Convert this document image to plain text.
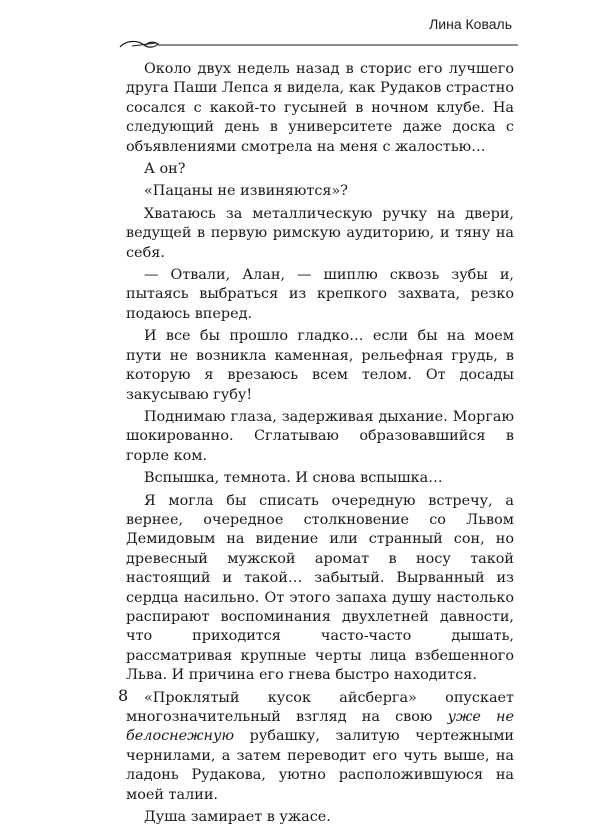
Лина Коваль

Около двух недель назад в сторис его лучшего друга Паши Лепса я видела, как Рудаков страстно сосался с какой-то гусыней в ночном клубе. На следующий день в университете даже доска с объявлениями смотрела на меня с жалостью…

А он?

«Пацаны не извиняются»?

Хватаюсь за металлическую ручку на двери, ведущей в первую римскую аудиторию, и тяну на себя.

— Отвали, Алан, — шиплю сквозь зубы и, пытаясь выбраться из крепкого захвата, резко подаюсь вперед.

И все бы прошло гладко… если бы на моем пути не возникла каменная, рельефная грудь, в которую я врезаюсь всем телом. От досады закусываю губу!

Поднимаю глаза, задерживая дыхание. Моргаю шокированно. Сглатываю образовавшийся в горле ком.

Вспышка, темнота. И снова вспышка…

Я могла бы списать очередную встречу, а вернее, очередное столкновение со Львом Демидовым на видение или странный сон, но древесный мужской аромат в носу такой настоящий и такой… забытый. Вырванный из сердца насильно. От этого запаха душу настолько распирают воспоминания двухлетней давности, что приходится часто-часто дышать, рассматривая крупные черты лица взбешенного Льва. И причина его гнева быстро находится.

«Проклятый кусок айсберга» опускает многозначительный взгляд на свою уже не белоснежную рубашку, залитую чертежными чернилами, а затем переводит его чуть выше, на ладонь Рудакова, уютно расположившуюся на моей талии.

Душа замирает в ужасе.

8
